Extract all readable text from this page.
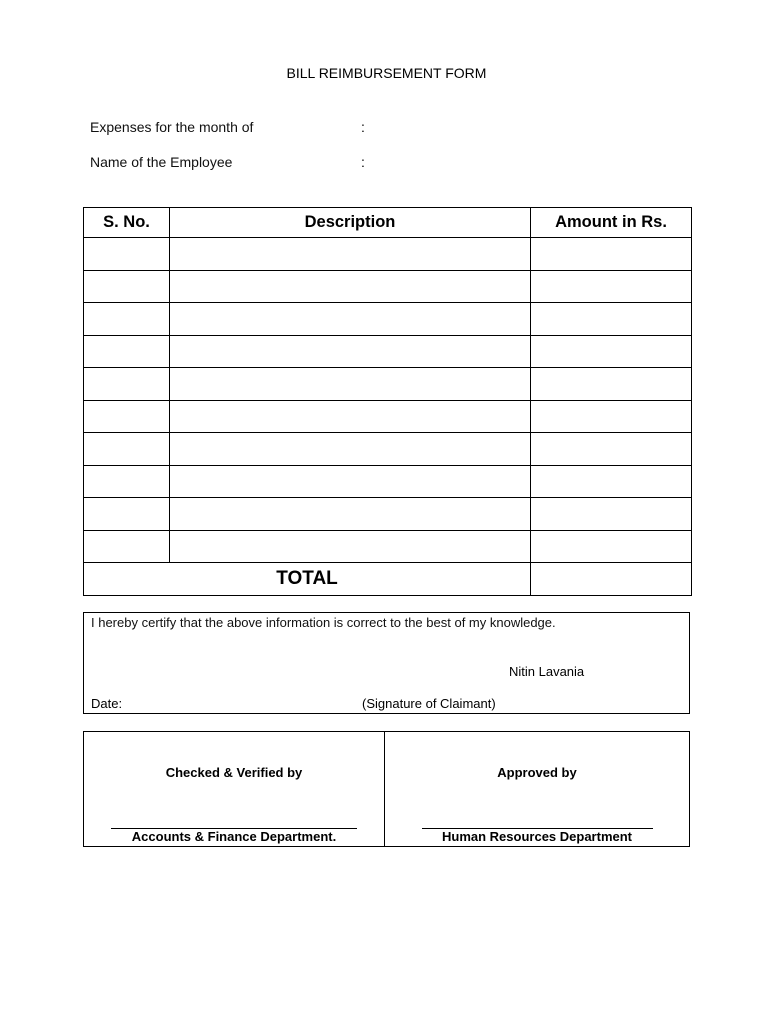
BILL REIMBURSEMENT FORM
Expenses for the month of	:
Name of the Employee	:
S. No.	Description	Amount in Rs.

TOTAL		
I hereby certify that the above information is correct to the best of my knowledge.
Nitin Lavania
Date:	(Signature of Claimant)
Checked & Verified by
Accounts & Finance Department.
Approved by
Human Resources Department
